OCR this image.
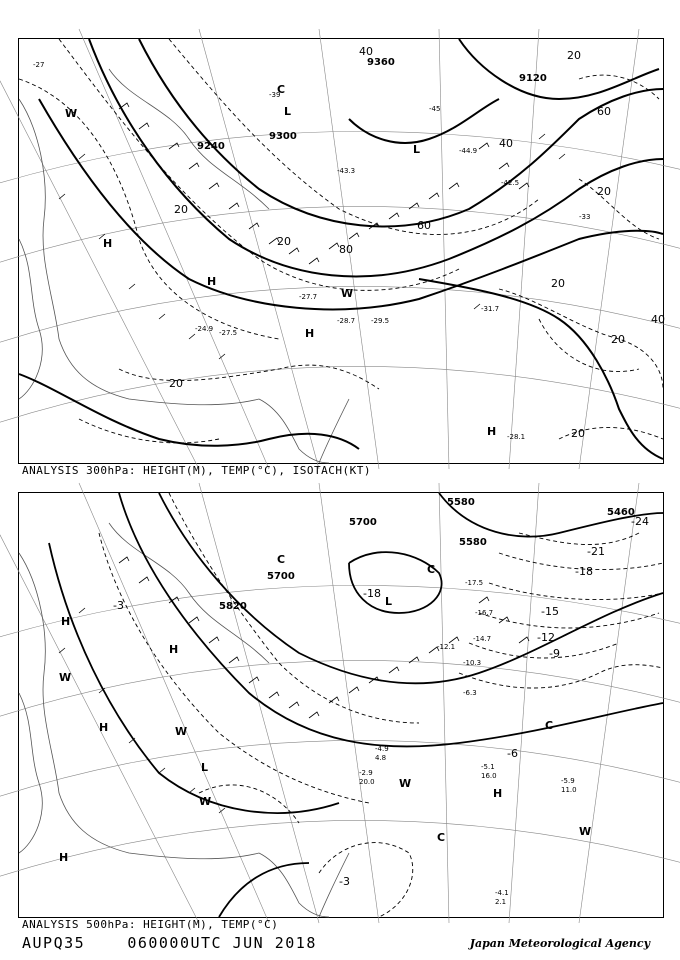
9360
9120
9300
9240
20
40
60
80
20
40
60
20
20
20
40
20
20
20
-27
-33
-45
-39
-31.7
-28.1
-29.5
-28.7
-27.7
-24.9 -27.5
-43.3
-44.9
-42.5
H
H
H
L
L
W
W
C
H
ANALYSIS 300hPa: HEIGHT(M), TEMP(°C), ISOTACH(KT)
5580
5700
5700
5580
5460
5820
-24
-21
-18
-15
-12
-9
-6
-3
-3
-18
-5.1
16.0
-5.9
11.0
-4.1
2.1
-4.9
4.8
-2.9
20.0
-10.3
-6.3
-12.1
-14.7
-16.7
-17.5
H
H
H
H
H
L
L
W
W
W
W
C
C
C
C	W
ANALYSIS 500hPa: HEIGHT(M), TEMP(°C)
AUPQ35	060000UTC JUN 2018	Japan Meteorological Agency
